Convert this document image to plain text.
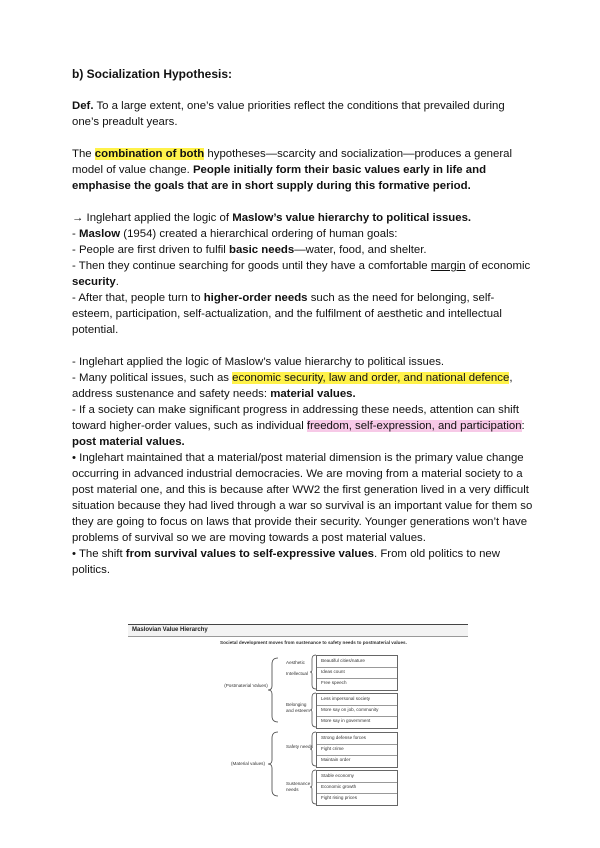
b) Socialization Hypothesis:

Def. To a large extent, one’s value priorities reflect the conditions that prevailed during one’s preadult years.

The combination of both hypotheses—scarcity and socialization—produces a general model of value change. People initially form their basic values early in life and emphasise the goals that are in short supply during this formative period.

→ Inglehart applied the logic of Maslow’s value hierarchy to political issues.

- Maslow (1954) created a hierarchical ordering of human goals:

- People are first driven to fulfil basic needs—water, food, and shelter.

- Then they continue searching for goods until they have a comfortable margin of economic security.

- After that, people turn to higher-order needs such as the need for belonging, self-esteem, participation, self-actualization, and the fulfilment of aesthetic and intellectual potential.

- Inglehart applied the logic of Maslow’s value hierarchy to political issues.

- Many political issues, such as economic security, law and order, and national defence, address sustenance and safety needs: material values.

- If a society can make significant progress in addressing these needs, attention can shift toward higher-order values, such as individual freedom, self-expression, and participation: post material values.

• Inglehart maintained that a material/post material dimension is the primary value change occurring in advanced industrial democracies. We are moving from a material society to a post material one, and this is because after WW2 the first generation lived in a very difficult situation because they had lived through a war so survival is an important value for them so they are going to focus on laws that provide their security. Younger generations won’t have problems of survival so we are moving towards a post material values.

• The shift from survival values to self-expressive values. From old politics to new politics.

Maslovian Value Hierarchy
Societal development moves from sustenance to safety needs to postmaterial values.
(Postmaterial Values)
(Material values)
Aesthetic
Intellectual
Belonging and esteem
Safety needs
Sustenance needs
Beautiful cities/nature
Ideas count
Free speech
Less impersonal society
More say on job, community
More say in government
Strong defense forces
Fight crime
Maintain order
Stable economy
Economic growth
Fight rising prices
